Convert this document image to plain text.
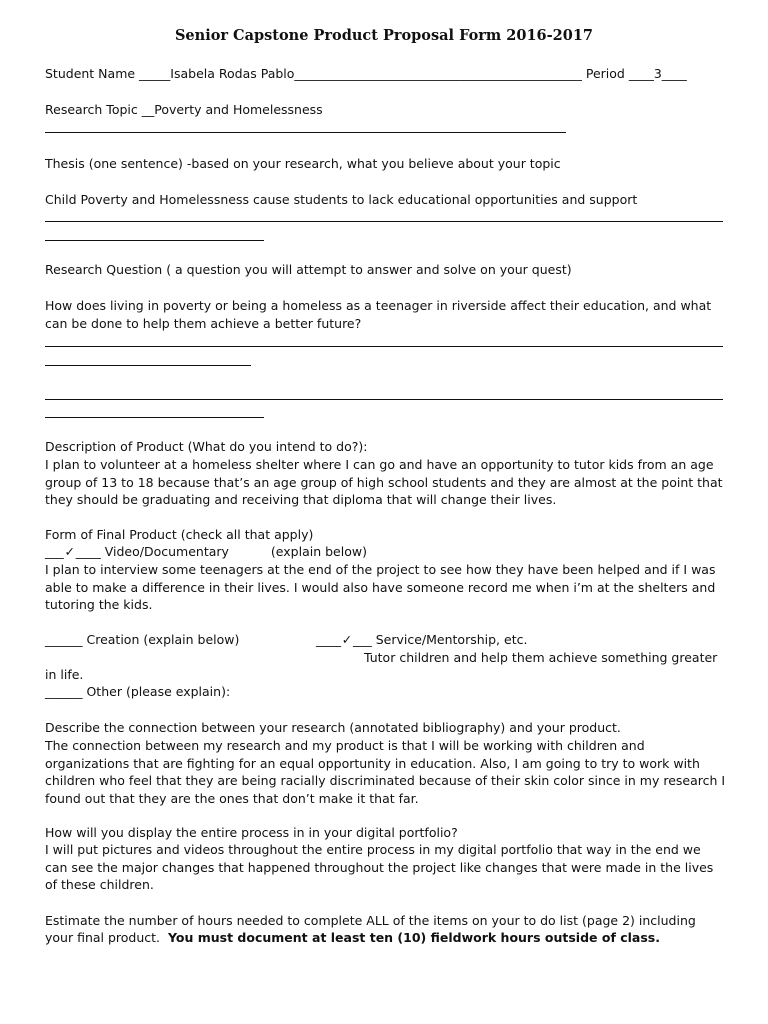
Senior Capstone Product Proposal Form 2016-2017
Student Name _____Isabela Rodas Pablo______________________________________________ Period ____3____
Research Topic __Poverty and Homelessness
Thesis (one sentence) -based on your research, what you believe about your topic
Child Poverty and Homelessness cause students to lack educational opportunities and support
Research Question ( a question you will attempt to answer and solve on your quest)
How does living in poverty or being a homeless as a teenager in riverside affect their education, and what can be done to help them achieve a better future?
Description of Product (What do you intend to do?):
I plan to volunteer at a homeless shelter where I can go and have an opportunity to tutor kids from an age group of 13 to 18 because that’s an age group of high school students and they are almost at the point that they should be graduating and receiving that diploma that will change their lives.
Form of Final Product (check all that apply)
___✓____ Video/Documentary	(explain below)
I plan to interview some teenagers at the end of the project to see how they have been helped and if I was able to make a difference in their lives. I would also have someone record me when i’m at the shelters and tutoring the kids.
______ Creation (explain below)	____✓___ Service/Mentorship, etc.
Tutor children and help them achieve something greater
in life.
______ Other (please explain):
Describe the connection between your research (annotated bibliography) and your product.
The connection between my research and my product is that I will be working with children and organizations that are fighting for an equal opportunity in education. Also, I am going to try to work with children who feel that they are being racially discriminated because of their skin color since in my research I found out that they are the ones that don’t make it that far.
How will you display the entire process in in your digital portfolio?
I will put pictures and videos throughout the entire process in my digital portfolio that way in the end we can see the major changes that happened throughout the project like changes that were made in the lives of these children.
Estimate the number of hours needed to complete ALL of the items on your to do list (page 2) including
your final product. You must document at least ten (10) fieldwork hours outside of class.
